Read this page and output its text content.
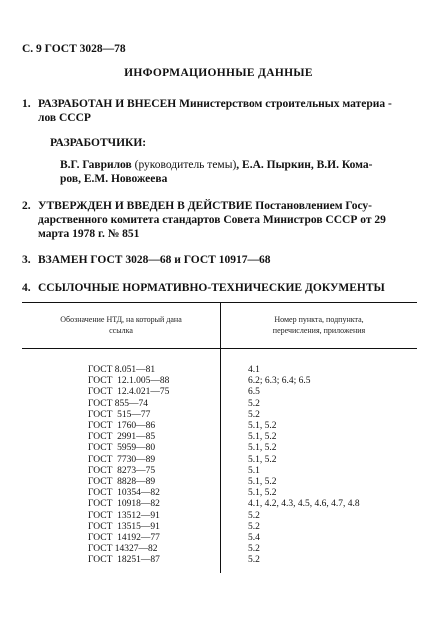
С. 9 ГОСТ 3028—78
ИНФОРМАЦИОННЫЕ ДАННЫЕ
1. РАЗРАБОТАН И ВНЕСЕН Министерством строительных материа -
лов СССР
РАЗРАБОТЧИКИ:
В.Г. Гаврилов (руководитель темы), Е.А. Пыркин, В.И. Кома-
ров, Е.М. Новожеева
2. УТВЕРЖДЕН И ВВЕДЕН В ДЕЙСТВИЕ Постановлением Госу-
дарственного комитета стандартов Совета Министров СССР от 29
марта 1978 г. № 851
3. ВЗАМЕН ГОСТ 3028—68 и ГОСТ 10917—68
4. ССЫЛОЧНЫЕ НОРМАТИВНО-ТЕХНИЧЕСКИЕ ДОКУМЕНТЫ
Обозначение НТД, на который дана
ссылка
Номер пункта, подпункта,
перечисления, приложения
ГОСТ 8.051—81
ГОСТ  12.1.005—88
ГОСТ  12.4.021—75
ГОСТ 855—74
ГОСТ  515—77
ГОСТ  1760—86
ГОСТ  2991—85
ГОСТ  5959—80
ГОСТ  7730—89
ГОСТ  8273—75
ГОСТ  8828—89
ГОСТ  10354—82
ГОСТ  10918—82
ГОСТ  13512—91
ГОСТ  13515—91
ГОСТ  14192—77
ГОСТ 14327—82
ГОСТ  18251—87
4.1
6.2; 6.3; 6.4; 6.5
6.5
5.2
5.2
5.1, 5.2
5.1, 5.2
5.1, 5.2
5.1, 5.2
5.1
5.1, 5.2
5.1, 5.2
4.1, 4.2, 4.3, 4.5, 4.6, 4.7, 4.8
5.2
5.2
5.4
5.2
5.2
